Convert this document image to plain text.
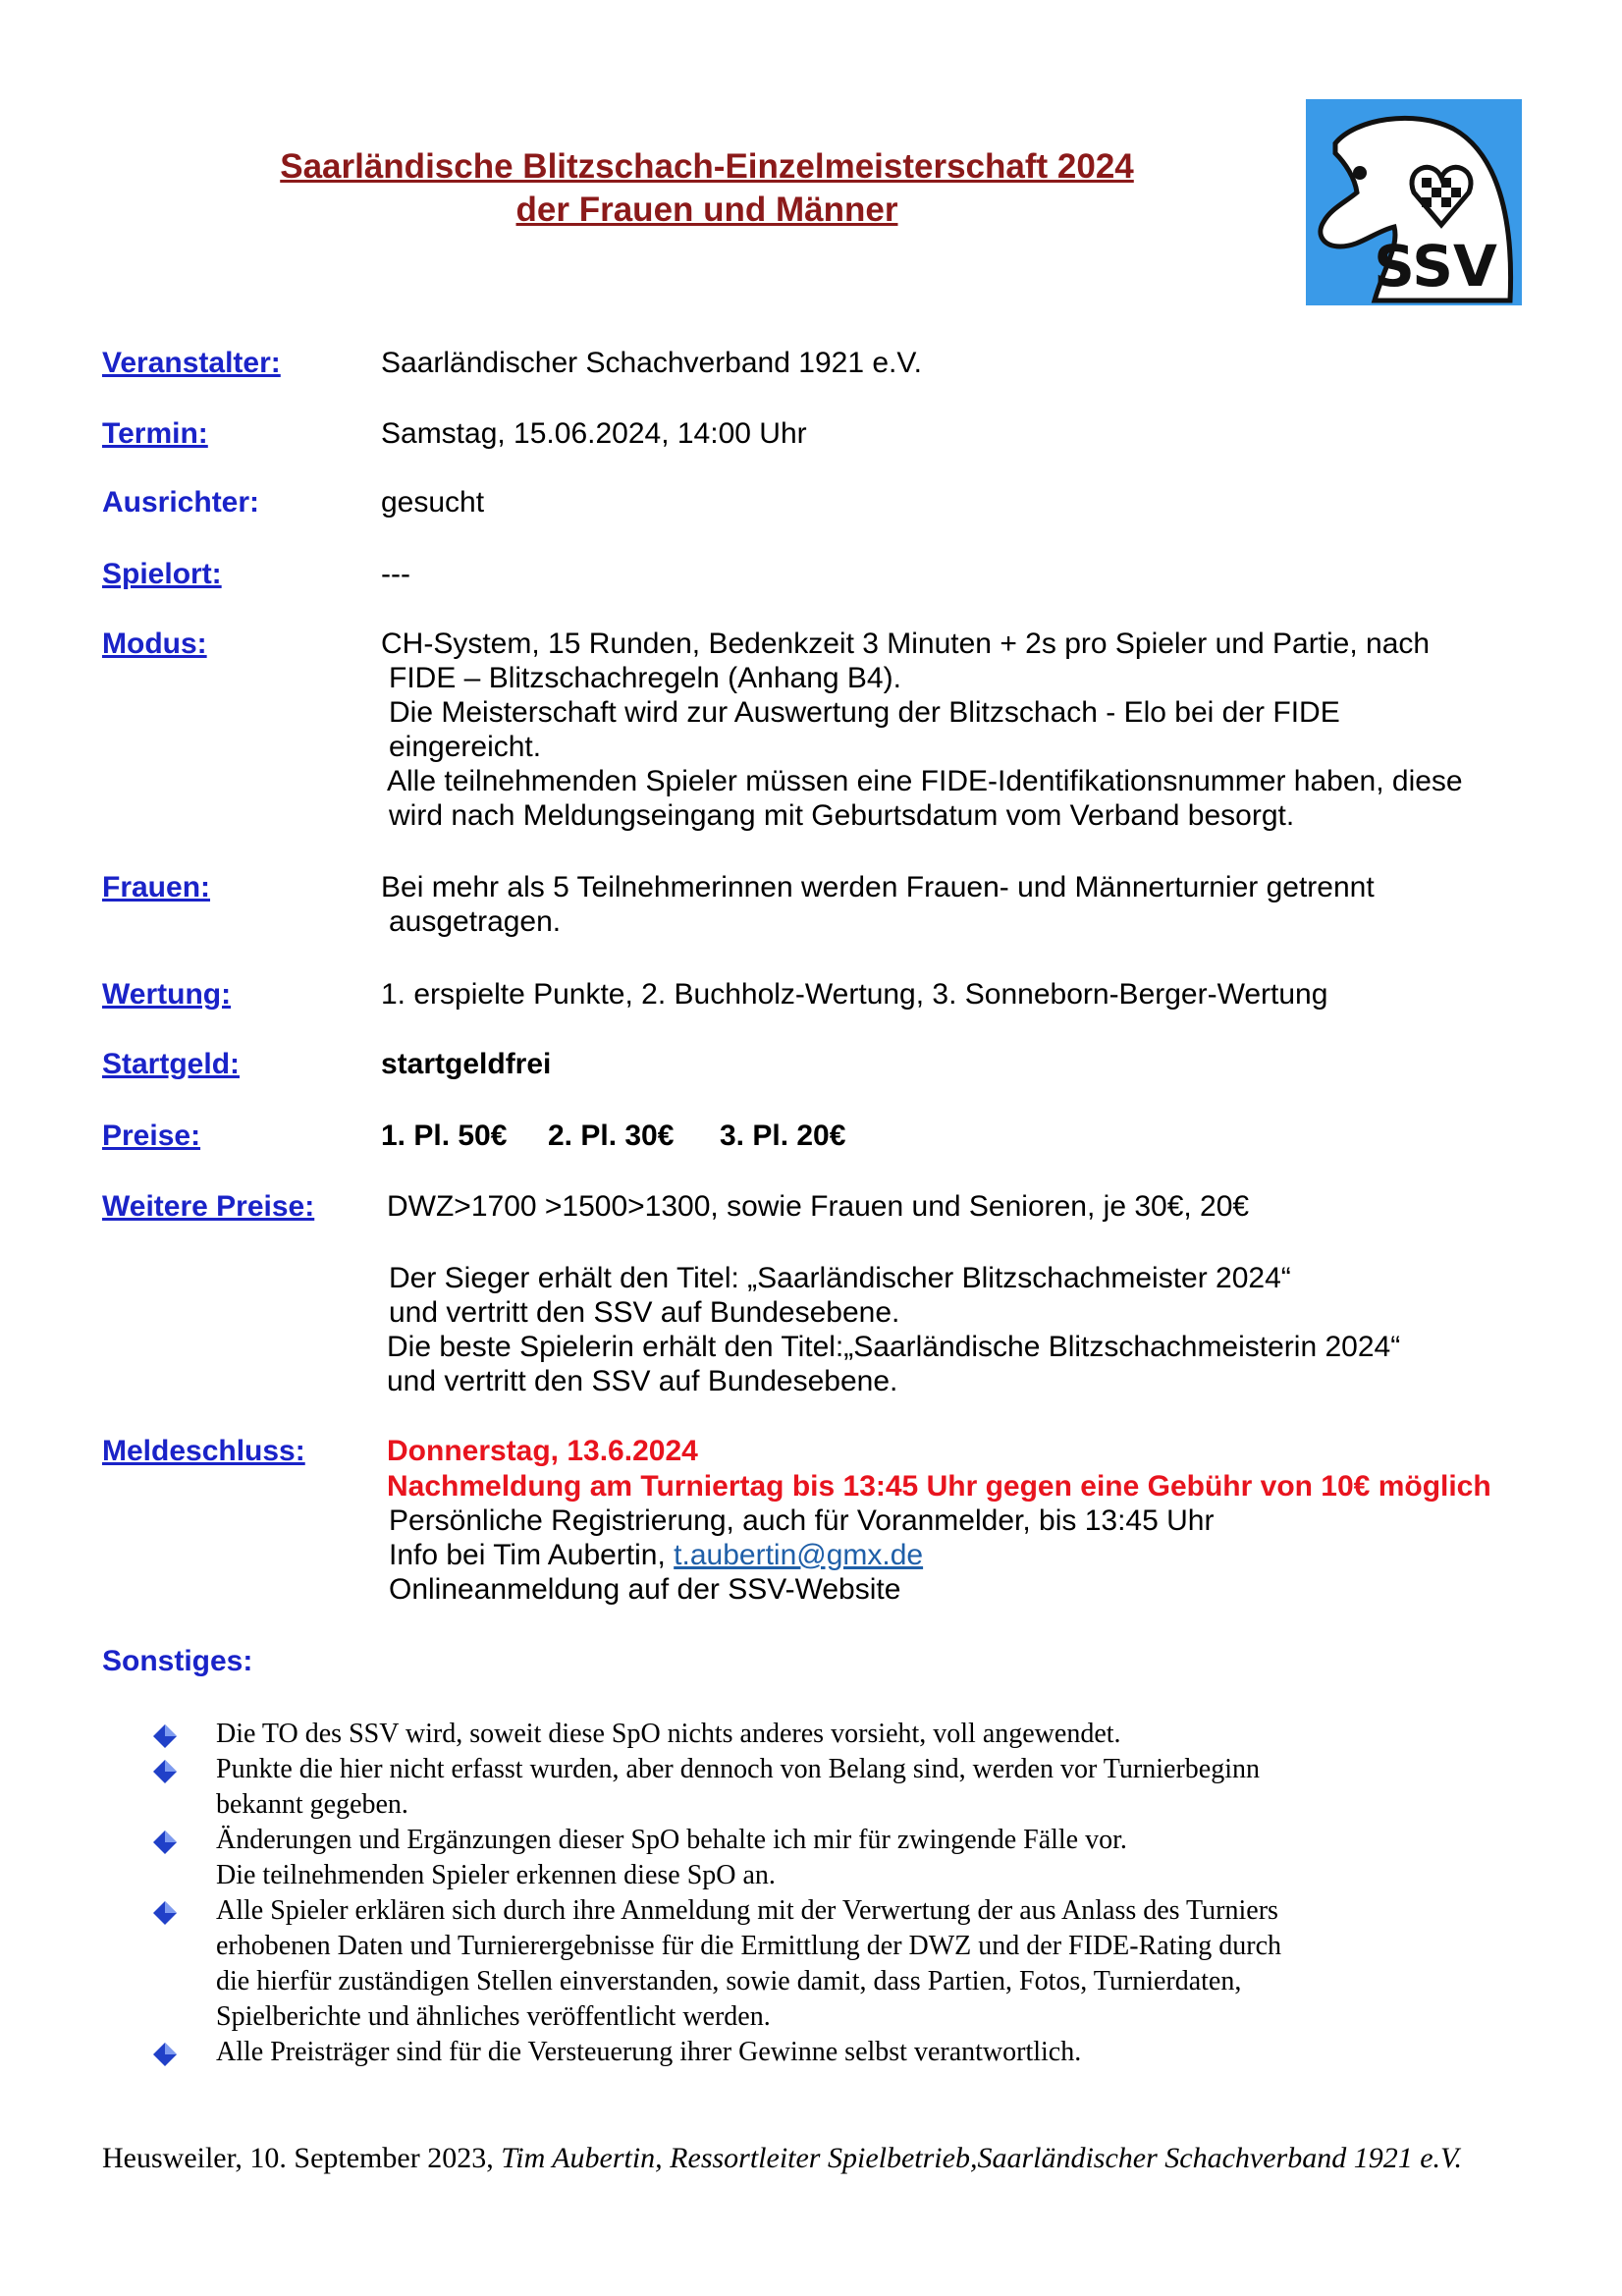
Saarländische Blitzschach-Einzelmeisterschaft 2024
der Frauen und Männer
SSV
Veranstalter:	Saarländischer Schachverband 1921 e.V.
Termin:	Samstag, 15.06.2024, 14:00 Uhr
Ausrichter:	gesucht
Spielort:	---
Modus:	CH-System, 15 Runden, Bedenkzeit 3 Minuten + 2s pro Spieler und Partie, nach
FIDE – Blitzschachregeln (Anhang B4).
Die Meisterschaft wird zur Auswertung der Blitzschach - Elo bei der FIDE
eingereicht.
Alle teilnehmenden Spieler müssen eine FIDE-Identifikationsnummer haben, diese
wird nach Meldungseingang mit Geburtsdatum vom Verband besorgt.
Frauen:	Bei mehr als 5 Teilnehmerinnen werden Frauen- und Männerturnier getrennt
ausgetragen.
Wertung:	1. erspielte Punkte, 2. Buchholz-Wertung, 3. Sonneborn-Berger-Wertung
Startgeld:	startgeldfrei
Preise:	1. Pl. 50€ 2. Pl. 30€ 3. Pl. 20€
Weitere Preise: DWZ>1700 >1500>1300, sowie Frauen und Senioren, je 30€, 20€
Der Sieger erhält den Titel: „Saarländischer Blitzschachmeister 2024“
und vertritt den SSV auf Bundesebene.
Die beste Spielerin erhält den Titel:„Saarländische Blitzschachmeisterin 2024“
und vertritt den SSV auf Bundesebene.
Meldeschluss:	Donnerstag, 13.6.2024
Nachmeldung am Turniertag bis 13:45 Uhr gegen eine Gebühr von 10€ möglich
Persönliche Registrierung, auch für Voranmelder, bis 13:45 Uhr
Info bei Tim Aubertin, t.aubertin@gmx.de
Onlineanmeldung auf der SSV-Website
Sonstiges:
Die TO des SSV wird, soweit diese SpO nichts anderes vorsieht, voll angewendet.
Punkte die hier nicht erfasst wurden, aber dennoch von Belang sind, werden vor Turnierbeginn
bekannt gegeben.
Änderungen und Ergänzungen dieser SpO behalte ich mir für zwingende Fälle vor.
Die teilnehmenden Spieler erkennen diese SpO an.
Alle Spieler erklären sich durch ihre Anmeldung mit der Verwertung der aus Anlass des Turniers
erhobenen Daten und Turnierergebnisse für die Ermittlung der DWZ und der FIDE-Rating durch
die hierfür zuständigen Stellen einverstanden, sowie damit, dass Partien, Fotos, Turnierdaten,
Spielberichte und ähnliches veröffentlicht werden.
Alle Preisträger sind für die Versteuerung ihrer Gewinne selbst verantwortlich.
Heusweiler, 10. September 2023, Tim Aubertin, Ressortleiter Spielbetrieb,Saarländischer Schachverband 1921 e.V.
